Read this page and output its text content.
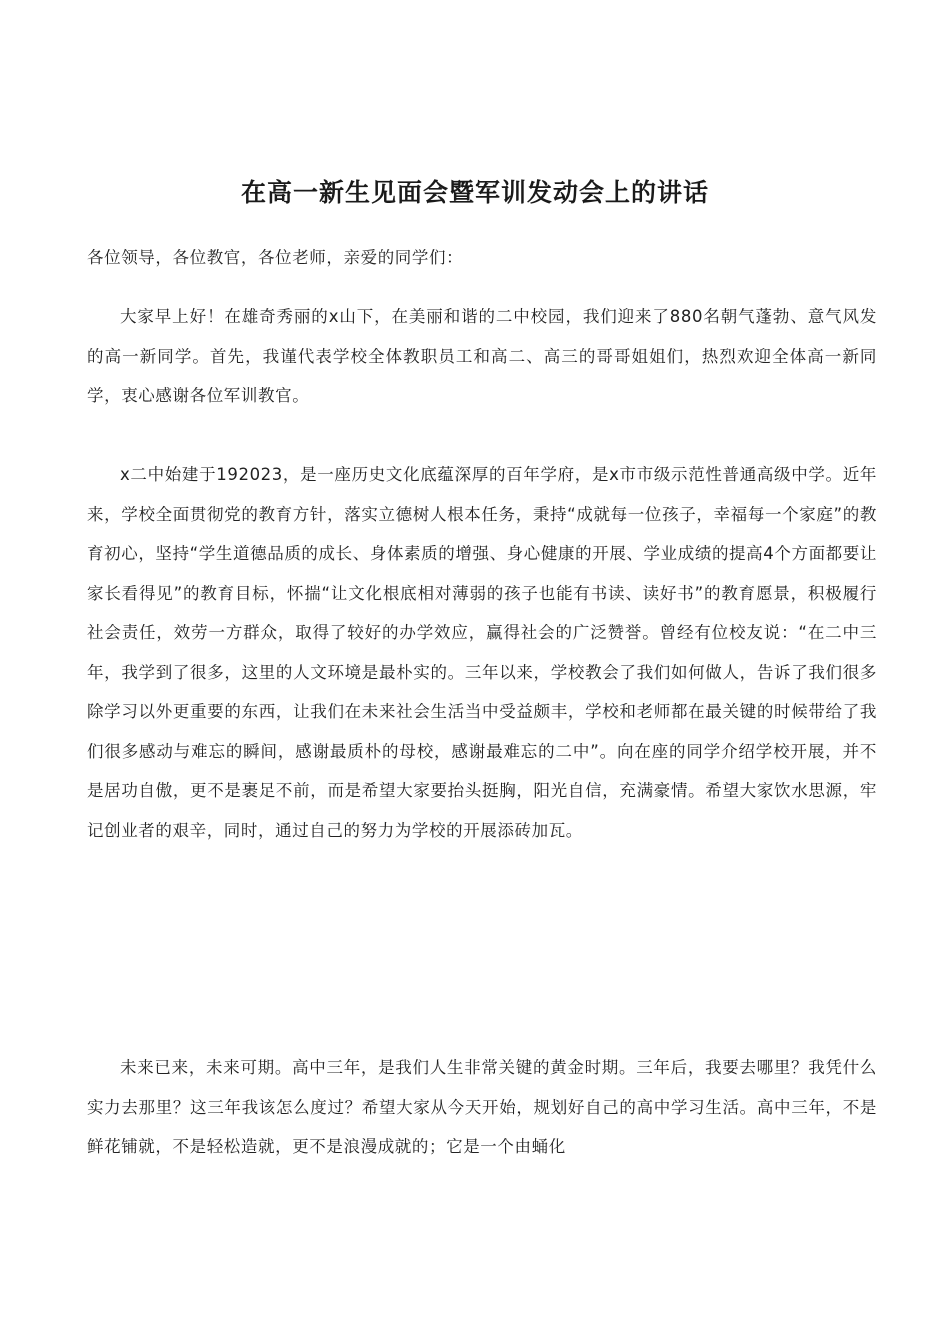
在高一新生见面会暨军训发动会上的讲话

各位领导，各位教官，各位老师，亲爱的同学们：

大家早上好！在雄奇秀丽的x山下，在美丽和谐的二中校园，我们迎来了880名朝气蓬勃、意气风发的高一新同学。首先，我谨代表学校全体教职员工和高二、高三的哥哥姐姐们，热烈欢迎全体高一新同学，衷心感谢各位军训教官。

x二中始建于192023，是一座历史文化底蕴深厚的百年学府，是x市市级示范性普通高级中学。近年来，学校全面贯彻党的教育方针，落实立德树人根本任务，秉持“成就每一位孩子，幸福每一个家庭”的教育初心，坚持“学生道德品质的成长、身体素质的增强、身心健康的开展、学业成绩的提高4个方面都要让家长看得见”的教育目标，怀揣“让文化根底相对薄弱的孩子也能有书读、读好书”的教育愿景，积极履行社会责任，效劳一方群众，取得了较好的办学效应，赢得社会的广泛赞誉。曾经有位校友说：“在二中三年，我学到了很多，这里的人文环境是最朴实的。三年以来，学校教会了我们如何做人，告诉了我们很多除学习以外更重要的东西，让我们在未来社会生活当中受益颇丰，学校和老师都在最关键的时候带给了我们很多感动与难忘的瞬间，感谢最质朴的母校，感谢最难忘的二中”。向在座的同学介绍学校开展，并不是居功自傲，更不是裹足不前，而是希望大家要抬头挺胸，阳光自信，充满豪情。希望大家饮水思源，牢记创业者的艰辛，同时，通过自己的努力为学校的开展添砖加瓦。

未来已来，未来可期。高中三年，是我们人生非常关键的黄金时期。三年后，我要去哪里？我凭什么实力去那里？这三年我该怎么度过？希望大家从今天开始，规划好自己的高中学习生活。高中三年，不是鲜花铺就，不是轻松造就，更不是浪漫成就的；它是一个由蛹化
